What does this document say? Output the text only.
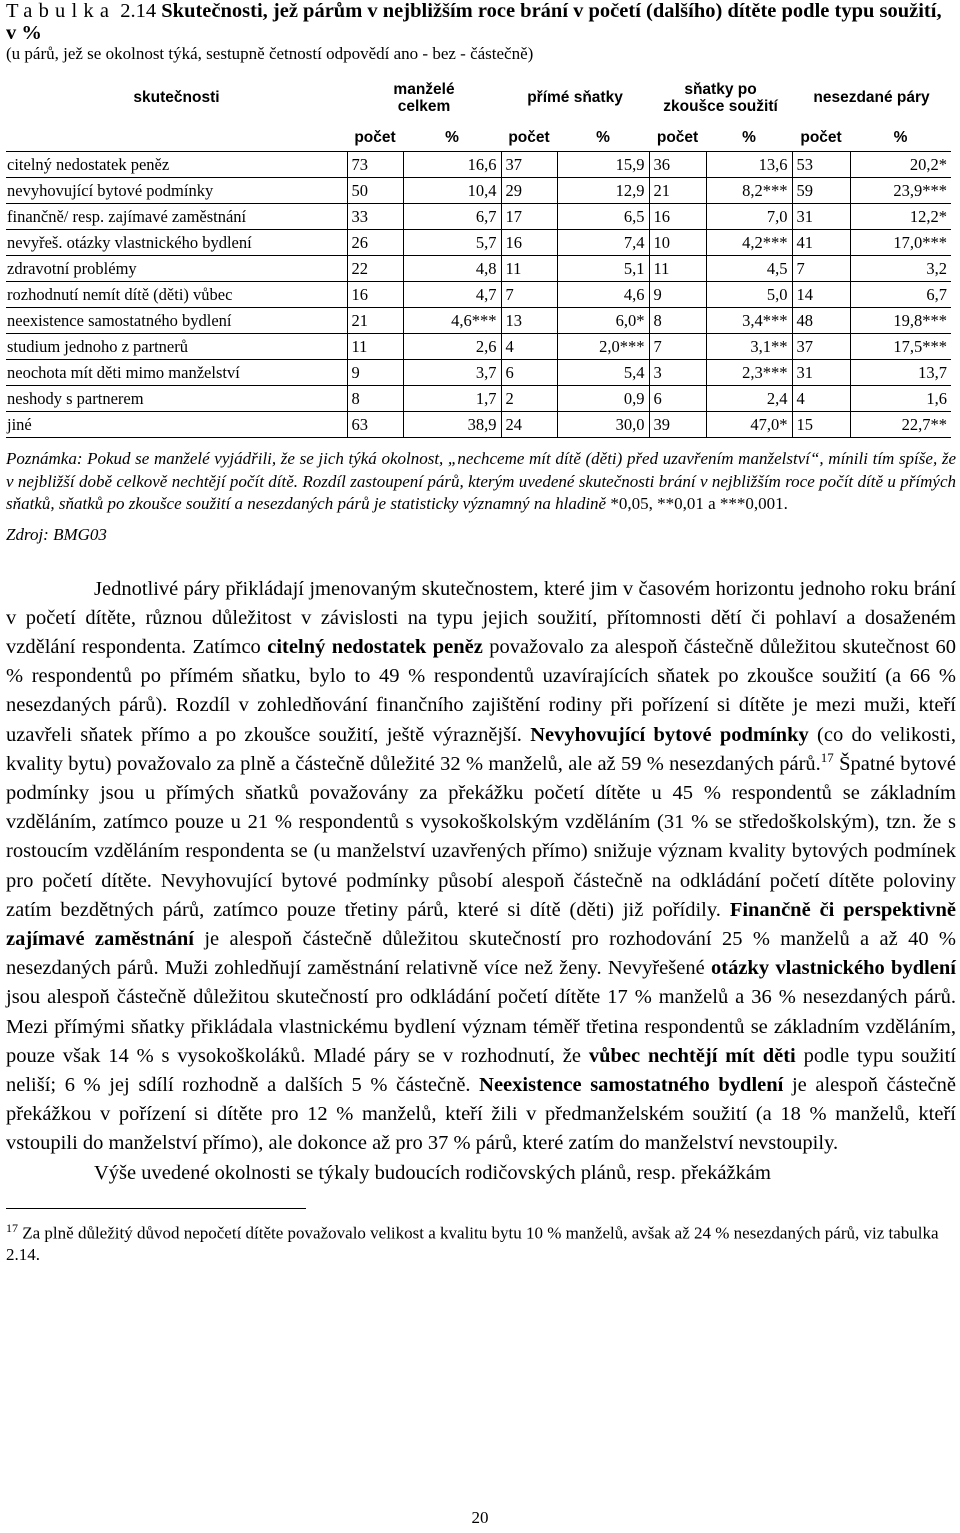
Tabulka 2.14 Skutečnosti, jež párům v nejbližším roce brání v početí (dalšího) dítěte podle typu soužití, v %

(u párů, jež se okolnost týká, sestupně četností odpovědí ano - bez - částečně)

skutečnosti	manželé celkem		přímé sňatky		sňatky po zkoušce soužití		nesezdané páry	
	počet	%	počet	%	počet	%	počet	%
citelný nedostatek peněz	73	16,6	37	15,9	36	13,6	53	20,2*
nevyhovující bytové podmínky	50	10,4	29	12,9	21	8,2***	59	23,9***
finančně/ resp. zajímavé zaměstnání	33	6,7	17	6,5	16	7,0	31	12,2*
nevyřeš. otázky vlastnického bydlení	26	5,7	16	7,4	10	4,2***	41	17,0***
zdravotní problémy	22	4,8	11	5,1	11	4,5	7	3,2
rozhodnutí nemít dítě (děti) vůbec	16	4,7	7	4,6	9	5,0	14	6,7
neexistence samostatného bydlení	21	4,6***	13	6,0*	8	3,4***	48	19,8***
studium jednoho z partnerů	11	2,6	4	2,0***	7	3,1**	37	17,5***
neochota mít děti mimo manželství	9	3,7	6	5,4	3	2,3***	31	13,7
neshody s partnerem	8	1,7	2	0,9	6	2,4	4	1,6
jiné	63	38,9	24	30,0	39	47,0*	15	22,7**

Poznámka: Pokud se manželé vyjádřili, že se jich týká okolnost, „nechceme mít dítě (děti) před uzavřením manželství“, mínili tím spíše, že v nejbližší době celkově nechtějí počít dítě. Rozdíl zastoupení párů, kterým uvedené skutečnosti brání v nejbližším roce počít dítě u přímých sňatků, sňatků po zkoušce soužití a nesezdaných párů je statisticky významný na hladině *0,05, **0,01 a ***0,001.

Zdroj: BMG03

Jednotlivé páry přikládají jmenovaným skutečnostem, které jim v časovém horizontu jednoho roku brání v početí dítěte, různou důležitost v závislosti na typu jejich soužití, přítomnosti dětí či pohlaví a dosaženém vzdělání respondenta. Zatímco citelný nedostatek peněz považovalo za alespoň částečně důležitou skutečnost 60 % respondentů po přímém sňatku, bylo to 49 % respondentů uzavírajících sňatek po zkoušce soužití (a 66 % nesezdaných párů). Rozdíl v zohledňování finančního zajištění rodiny při pořízení si dítěte je mezi muži, kteří uzavřeli sňatek přímo a po zkoušce soužití, ještě výraznější. Nevyhovující bytové podmínky (co do velikosti, kvality bytu) považovalo za plně a částečně důležité 32 % manželů, ale až 59 % nesezdaných párů.$^{17}$ Špatné bytové podmínky jsou u přímých sňatků považovány za překážku početí dítěte u 45 % respondentů se základním vzděláním, zatímco pouze u 21 % respondentů s vysokoškolským vzděláním (31 % se středoškolským), tzn. že s rostoucím vzděláním respondenta se (u manželství uzavřených přímo) snižuje význam kvality bytových podmínek pro početí dítěte. Nevyhovující bytové podmínky působí alespoň částečně na odkládání početí dítěte poloviny zatím bezdětných párů, zatímco pouze třetiny párů, které si dítě (děti) již pořídily. Finančně či perspektivně zajímavé zaměstnání je alespoň částečně důležitou skutečností pro rozhodování 25 % manželů a až 40 % nesezdaných párů. Muži zohledňují zaměstnání relativně více než ženy. Nevyřešené otázky vlastnického bydlení jsou alespoň částečně důležitou skutečností pro odkládání početí dítěte 17 % manželů a 36 % nesezdaných párů. Mezi přímými sňatky přikládala vlastnickému bydlení význam téměř třetina respondentů se základním vzděláním, pouze však 14 % s vysokoškoláků. Mladé páry se v rozhodnutí, že vůbec nechtějí mít děti podle typu soužití neliší; 6 % jej sdílí rozhodně a dalších 5 % částečně. Neexistence samostatného bydlení je alespoň částečně překážkou v pořízení si dítěte pro 12 % manželů, kteří žili v předmanželském soužití (a 18 % manželů, kteří vstoupili do manželství přímo), ale dokonce až pro 37 % párů, které zatím do manželství nevstoupily.

Výše uvedené okolnosti se týkaly budoucích rodičovských plánů, resp. překážkám

$^{17}$ Za plně důležitý důvod nepočetí dítěte považovalo velikost a kvalitu bytu 10 % manželů, avšak až 24 % nesezdaných párů, viz tabulka 2.14.

20
